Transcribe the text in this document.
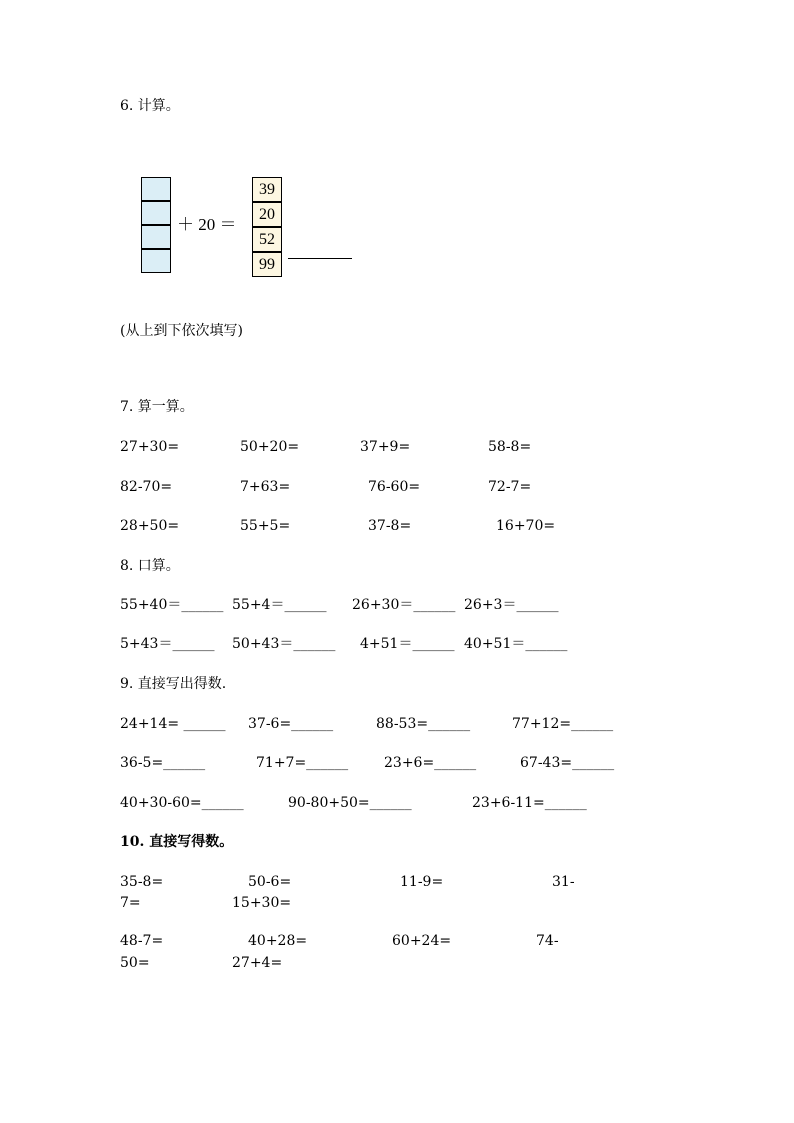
6. 计算。
＋ 20 ＝
39
20
52
99
(从上到下依次填写)
7. 算一算。
27+30=	50+20=	37+9=	58-8=
82-70=	7+63=	76-60=	72-7=
28+50=	55+5=	37-8=	16+70=
8. 口算。
55+40＝______ 55+4＝______ 26+30＝______ 26+3＝______
5+43＝______ 50+43＝______ 4+51＝______ 40+51＝______
9. 直接写出得数.
24+14= ______ 37-6=______	88-53=______	77+12=______
36-5=______	71+7=______	23+6=______	67-43=______
40+30-60=______	90-80+50=______	23+6-11=______
10. 直接写得数。
35-8=	50-6=	11-9=	31-
7=	15+30=
48-7=	40+28=	60+24=	74-
50=	27+4=
